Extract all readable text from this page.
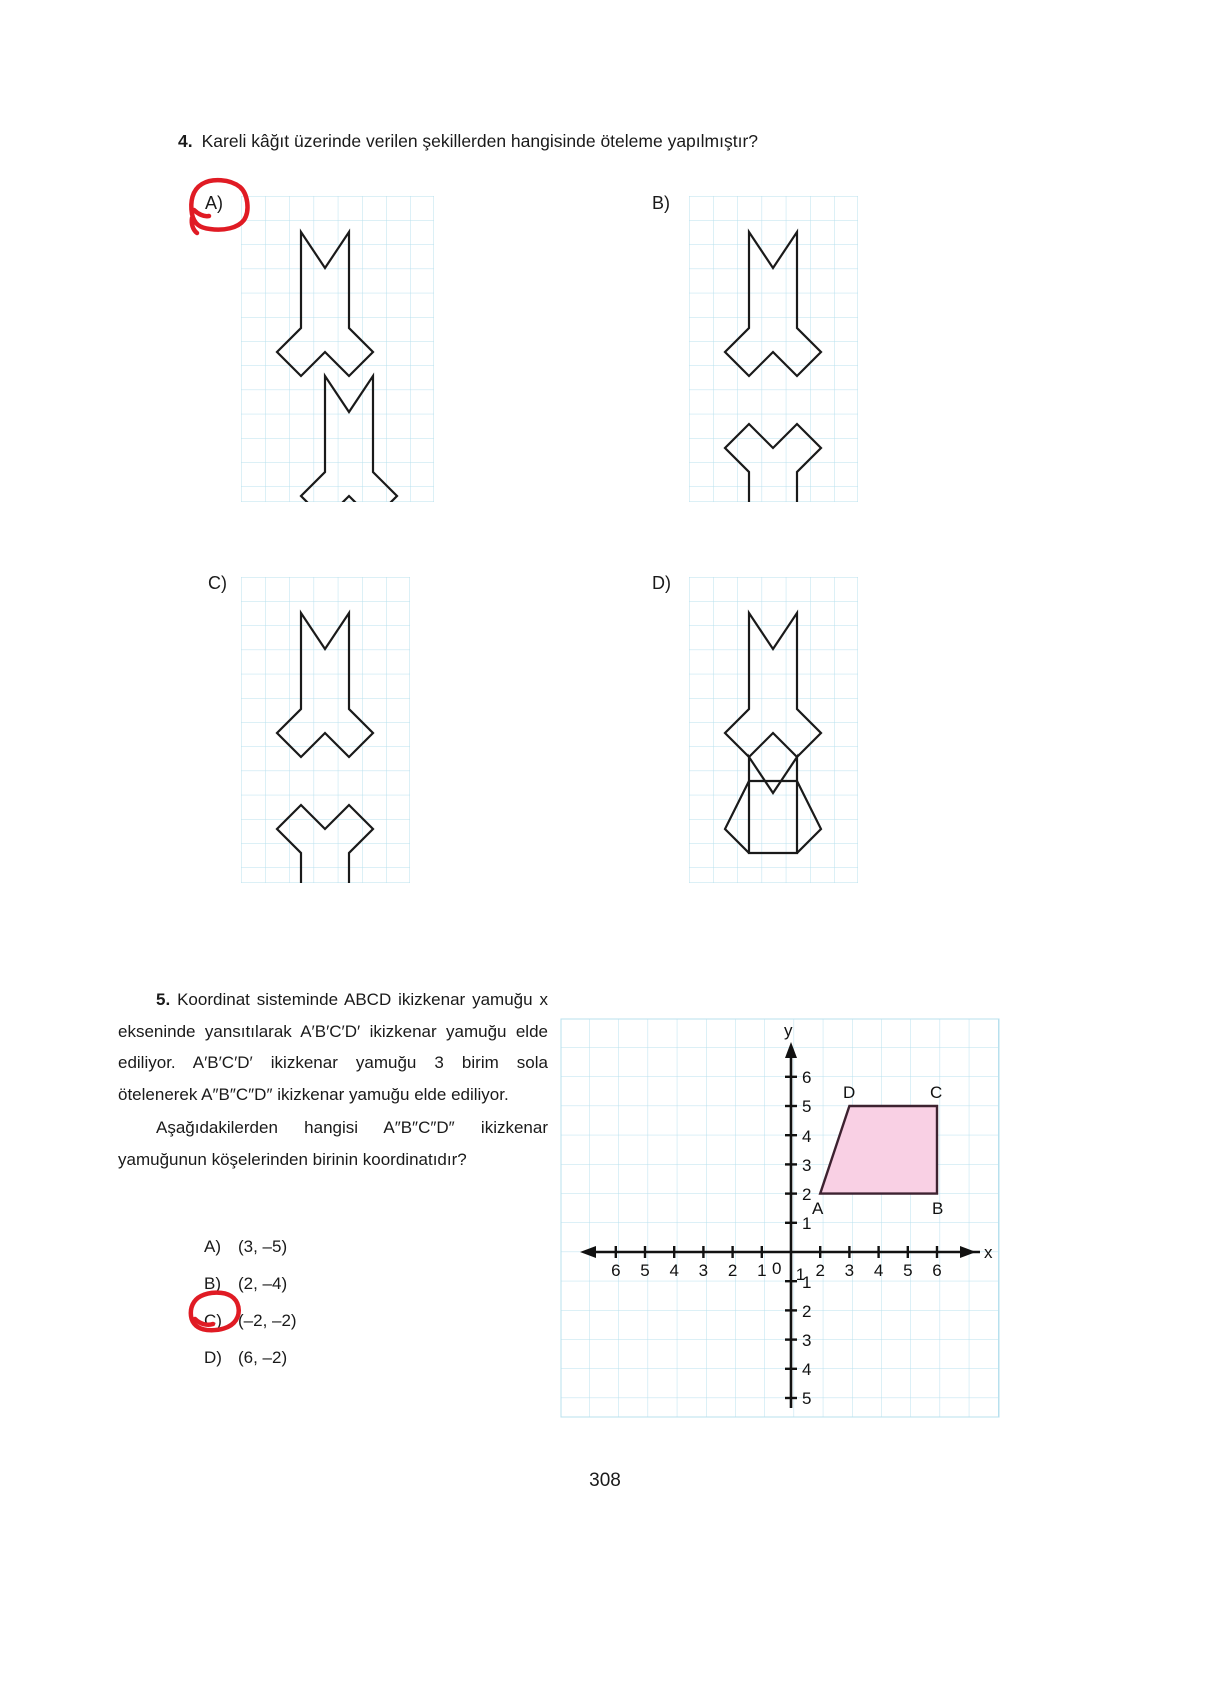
4. Kareli kâğıt üzerinde verilen şekillerden hangisinde öteleme yapılmıştır?
A)	B)
C)	D)

5. Koordinat sisteminde ABCD ikizkenar yamuğu x ekseninde yansıtılarak A′B′C′D′ ikizkenar yamuğu elde ediliyor. A′B′C′D′ ikizkenar yamuğu 3 birim sola ötelenerek A″B″C″D″ ikizkenar yamuğu elde ediliyor.

Aşağıdakilerden hangisi A″B″C″D″ ikizkenar yamuğunun köşelerinden birinin koordinatıdır?

A) (3, –5)
B) (2, –4)
C) (–2, –2)
D) (6, –2)
y
x
1
2
3
4
5
6
1
2
3
4
5
0
1
2
3
4
5
6	1 2 3 4 5 6
A	B
C
D
308
